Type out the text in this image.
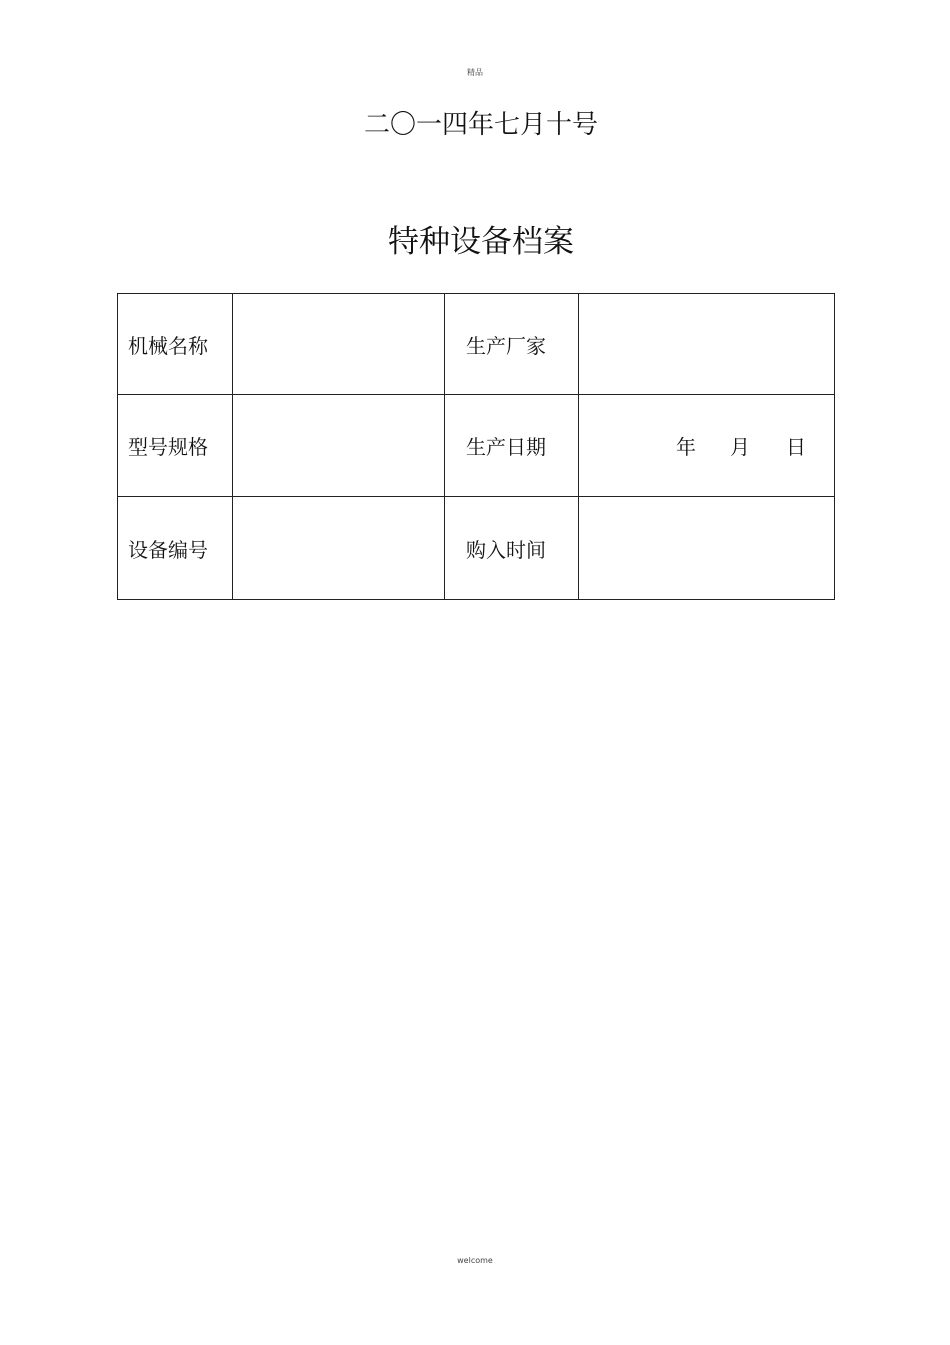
精品
二〇一四年七月十号
特种设备档案
机械名称		生产厂家	
型号规格		生产日期	年 月 日

设备编号		购入时间	
welcome
